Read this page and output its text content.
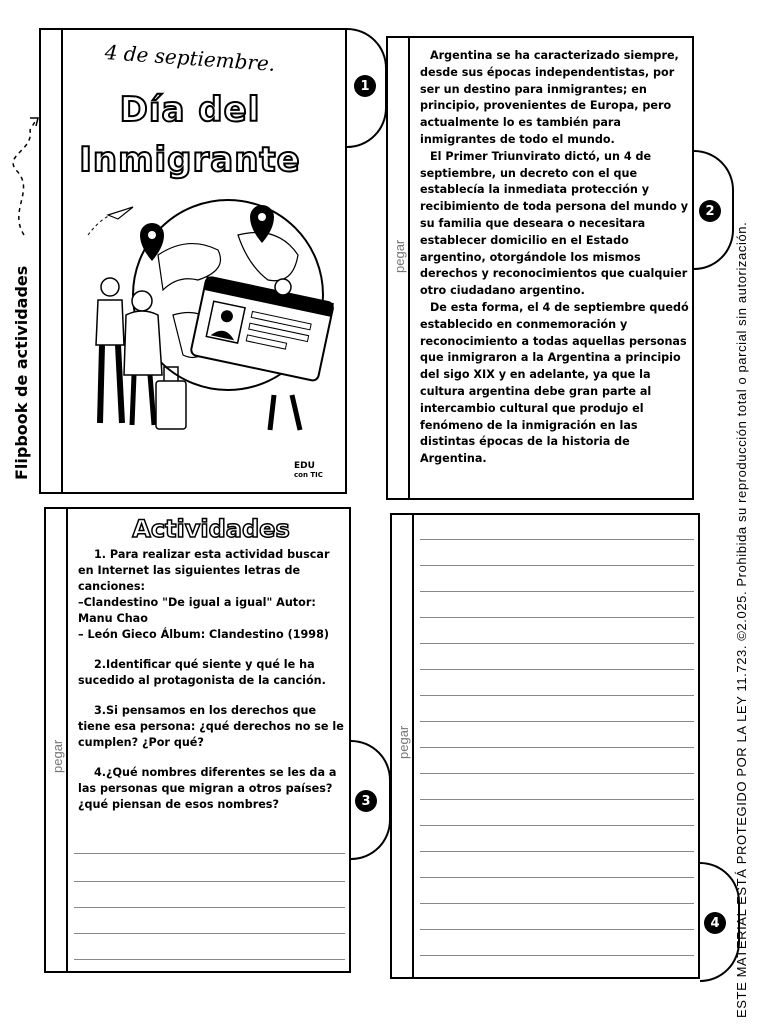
Flipbook de actividades
4 de septiembre.
Día del
Inmigrante
EDU
con TIC
1
pegar

Argentina se ha caracterizado siempre, desde sus épocas independentistas, por ser un destino para inmigrantes; en principio, provenientes de Europa, pero actualmente lo es también para inmigrantes de todo el mundo.

El Primer Triunvirato dictó, un 4 de septiembre, un decreto con el que establecía la inmediata protección y recibimiento de toda persona del mundo y su familia que deseara o necesitara establecer domicilio en el Estado argentino, otorgándole los mismos derechos y reconocimientos que cualquier otro ciudadano argentino.

De esta forma, el 4 de septiembre quedó establecido en conmemoración y reconocimiento a todas aquellas personas que inmigraron a la Argentina a principio del sigo XIX y en adelante, ya que la cultura argentina debe gran parte al intercambio cultural que produjo el fenómeno de la inmigración en las distintas épocas de la historia de Argentina.

2
pegar
Actividades
1. Para realizar esta actividad buscar en Internet las siguientes letras de canciones:
–Clandestino "De igual a igual" Autor: Manu Chao
– León Gieco Álbum: Clandestino (1998)
2.Identificar qué siente y qué le ha sucedido al protagonista de la canción.
3.Si pensamos en los derechos que tiene esa persona: ¿qué derechos no se le cumplen? ¿Por qué?
4.¿Qué nombres diferentes se les da a las personas que migran a otros países? ¿qué piensan de esos nombres?	3
pegar
4	ESTE MATERIAL ESTÁ PROTEGIDO POR LA LEY 11.723. ©2.025. Prohibida su reproducción total o parcial sin autorización.
